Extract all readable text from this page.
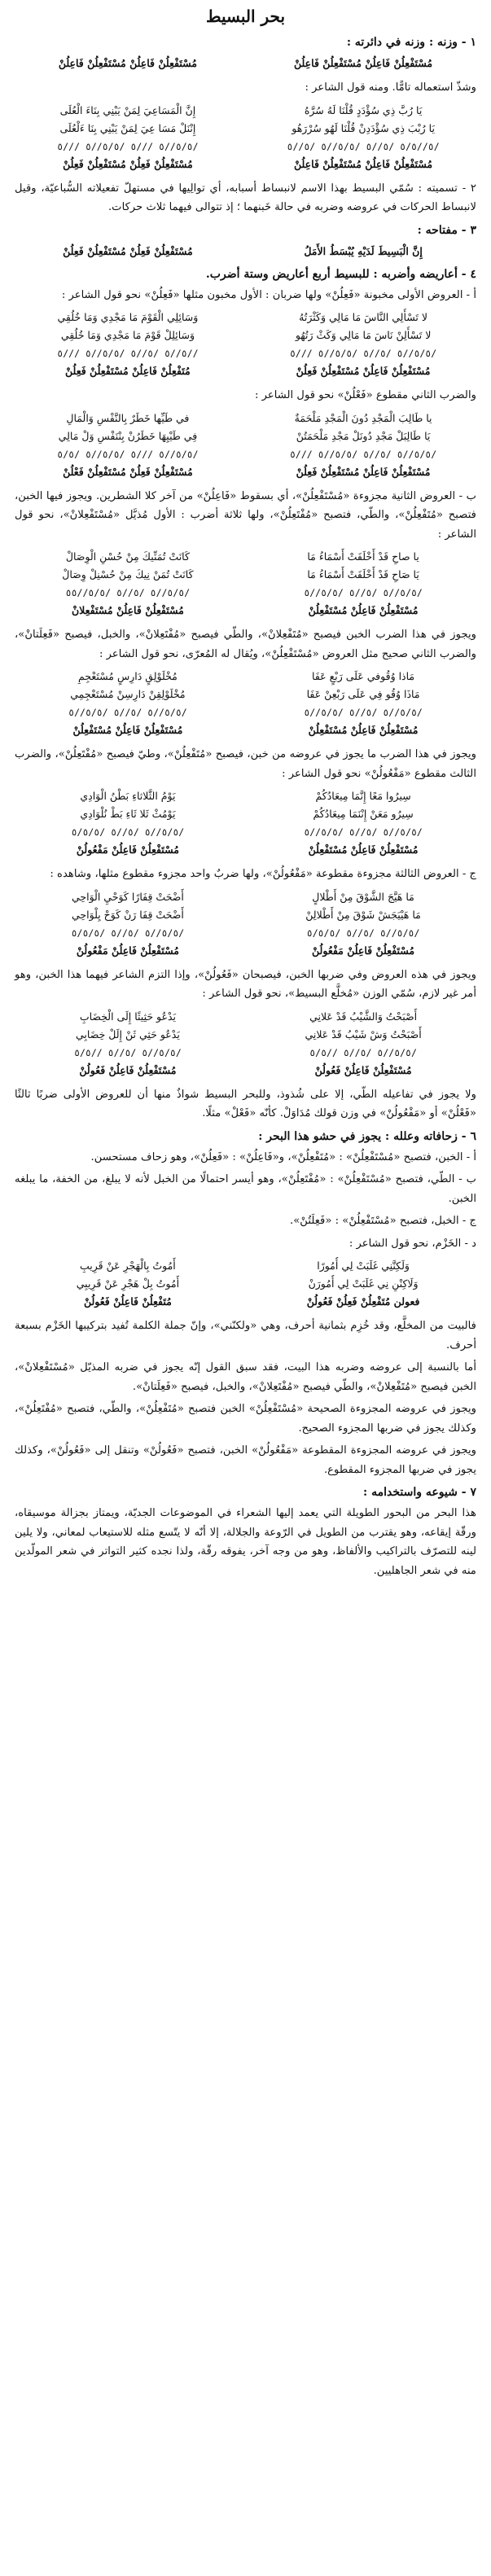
بحر البسيط
١ - وزنه : وزنه في دائرته :
مُسْتَفْعِلُنْ فَاعِلُنْ مُسْتَفْعِلُنْ فَاعِلُنْ
مُسْتَفْعِلُنْ فَاعِلُنْ مُسْتَفْعِلُنْ فَاعِلُنْ
وشذّ استعماله تامًّا. ومنه قول الشاعر :
يَا رُبَّ ذِي سُؤْدَدٍ قُلْنَا لَهُ سُرَّهُ
إِنَّ الْمَسَاعِيَ لِمَنْ يَبْنِي بِنَاءَ الْعُلَى
يَا رُبْبَ ذِي سُؤْدَدِنْ قُلْنَا لَهُو سُرْرَهُو
إِنْنَلْ مَسَا عِيَ لِمَنْ يَبْنِي بِنَا ءَلْعُلَى
/٥//٥/٥ /٥//٥ /٥/٥//٥ /٥//٥
/٥/٥//٥ ///٥ /٥/٥//٥ ///٥
مُسْتَفْعِلُنْ فَاعِلُنْ مُسْتَفْعِلُنْ فَاعِلُنْ
مُسْتَفْعِلُنْ فَعِلُنْ مُسْتَفْعِلُنْ فَعِلُنْ
٢ - تسميته : سُمّي البسيط بهذا الاسم لانبساط أسبابه، أي توالِيها في مستهلّ تفعيلاته السُّباعيّة، وقيل لانبساط الحركات في عروضه وضربه في حالة خَبنهما ؛ إذ تتوالى فيهما ثلاث حركات.
٣ - مفتاحه :
إِنَّ الْبَسِيطَ لَدَيْهِ يُبْسَطُ الأَمَلُ
مُسْتَفْعِلُنْ فَعِلُنْ مُسْتَفْعِلُنْ فَعِلُنْ
٤ - أعاريضه وأضربه : للبسيط أربع أعاريض وستة أضرب.
أ - العروض الأولى مخبونة «فَعِلُنْ» ولها ضربان : الأول مخبون مثلها «فَعِلُنْ» نحو قول الشاعر :
لا تَسْأَلِي النَّاسَ مَا مَالِي وَكَثْرَتُهُ
وَسَائِلِي الْقَوْمَ مَا مَجْدِي وَمَا خُلُقِي
لا تَسْأَلِنْ نَاسَ مَا مَالِي وَكَثْ رَتُهُو
وَسَائِلِلْ قَوْمَ مَا مَجْدِي وَمَا خُلُقِي
/٥/٥//٥ /٥//٥ /٥/٥//٥ ///٥
//٥//٥ /٥//٥ /٥/٥//٥ ///٥
مُسْتَفْعِلُنْ فَاعِلُنْ مُسْتَفْعِلُنْ فَعِلُنْ
مُتَفْعِلُنْ فَاعِلُنْ مُسْتَفْعِلُنْ فَعِلُنْ
والضرب الثاني مقطوع «فَعْلُنْ» نحو قول الشاعر :
يا طَالِبَ الْمَجْدِ دُونَ الْمَجْدِ مَلْحَمَةٌ
في طَيِّها خَطَرٌ بِالنَّفْسِ وَالْمَالِ
يَا طَالِبَلْ مَجْدِ دُونَلْ مَجْدِ مَلْحَمَتُنْ
فِي طَيْيِهَا خَطَرُنْ بِنْنَفْسِ وَلْ مَالِي
/٥/٥//٥ /٥//٥ /٥/٥//٥ ///٥
/٥/٥//٥ ///٥ /٥/٥//٥ /٥/٥
مُسْتَفْعِلُنْ فَاعِلُنْ مُسْتَفْعِلُنْ فَعِلُنْ
مُسْتَفْعِلُنْ فَعِلُنْ مُسْتَفْعِلُنْ فَعْلُنْ
ب - العروض الثانية مجزوءة «مُسْتَفْعِلُنْ»، أي بسقوط «فَاعِلُنْ» من آخر كلا الشطرين. ويجوز فيها الخبن، فتصبح «مُتَفْعِلُنْ»، والطّي، فتصبح «مُفْتَعِلُنْ»، ولها ثلاثة أضرب : الأول مُذيَّل «مُسْتَفْعِلانْ»، نحو قول الشاعر :
يا صاحِ قَدْ أَخْلَفَتْ أَسْمَاءُ مَا
كَانَتْ تُمَنِّيكَ مِنْ حُسْنِ الْوِصَالْ
يَا صَاحِ قَدْ أَخْلَفَتْ أَسْمَاءُ مَا
كَانَتْ تُمَنْ نِيكَ مِنْ حُسْنِلْ وِصَالْ
/٥/٥//٥ /٥//٥ /٥/٥//٥
/٥/٥//٥ /٥//٥ /٥/٥//٥٥
مُسْتَفْعِلُنْ فَاعِلُنْ مُسْتَفْعِلُنْ
مُسْتَفْعِلُنْ فَاعِلُنْ مُسْتَفْعِلانْ
ويجوز في هذا الضرب الخبن فيصبح «مُتَفْعِلانْ»، والطّي فيصبح «مُفْتَعِلانْ»، والخبل، فيصبح «فَعِلَتانْ»، والضرب الثاني صحيح مثل العروض «مُسْتَفْعِلُنْ»، ويُقال له المُعرّى، نحو قول الشاعر :
مَاذا وُقُوفي عَلَى رَبْعٍ عَفَا
مُخْلَوْلِقٍ دَارِسٍ مُسْتَعْجِمِ
مَاذَا وُقُو فِي عَلَى رَبْعِنْ عَفَا
مُخْلَوْلِقِنْ دَارِسِنْ مُسْتَعْجِمِي
/٥/٥//٥ /٥//٥ /٥/٥//٥
/٥/٥//٥ /٥//٥ /٥/٥//٥
مُسْتَفْعِلُنْ فَاعِلُنْ مُسْتَفْعِلُنْ
مُسْتَفْعِلُنْ فَاعِلُنْ مُسْتَفْعِلُنْ
ويجوز في هذا الضرب ما يجوز في عروضه من خبن، فيصبح «مُتَفْعِلُنْ»، وطيّ فيصبح «مُفْتَعِلُنْ»، والضرب الثالث مقطوع «مَفْعُولُنْ» نحو قول الشاعر :
سِيرُوا مَعًا إِنَّمَا مِيعَادُكُمْ
يَوْمُ الثَّلاثاءِ بَطْنُ الْوَادِي
سِيرُو مَعَنْ إِنْنَمَا مِيعَادُكُمْ
يَوْمُثْ ثَلا ثَاءِ بَطْ نُلْوَادِي
/٥/٥//٥ /٥//٥ /٥/٥//٥
/٥/٥//٥ /٥//٥ /٥/٥/٥
مُسْتَفْعِلُنْ فَاعِلُنْ مُسْتَفْعِلُنْ
مُسْتَفْعِلُنْ فَاعِلُنْ مَفْعُولُنْ
ج - العروض الثالثة مجزوءة مقطوعة «مَفْعُولُنْ»، ولها ضربٌ واحد مجزوء مقطوع مثلها، وشاهده :
مَا هَيَّجَ الشَّوْقَ مِنْ أَطْلالٍ
أَضْحَتْ قِفَارًا كَوَحْيِ الْوَاحِي
مَا هَيْيَجَشْ شَوْقَ مِنْ أَطْلالِنْ
أَضْحَتْ قِفَا رَنْ كَوَحْ يِلْوَاحِي
/٥/٥//٥ /٥//٥ /٥/٥/٥
/٥/٥//٥ /٥//٥ /٥/٥/٥
مُسْتَفْعِلُنْ فَاعِلُنْ مَفْعُولُنْ
مُسْتَفْعِلُنْ فَاعِلُنْ مَفْعُولُنْ
ويجوز في هذه العروض وفي ضربها الخبن، فيصبحان «فَعُولُنْ»، وإذا التزم الشاعر فيهما هذا الخبن، وهو أمر غير لازم، سُمّي الوزن «مُخلَّع البسيط»، نحو قول الشاعر :
أَصْبَحْتُ وَالشَّيْبُ قَدْ عَلانِي
يَدْعُو حَثِيثًا إِلَى الْخِضَابِ
أَصْبَحْتُ وَشْ شَيْبُ قَدْ عَلانِي
يَدْعُو حَثِي ثَنْ إِلَلْ خِضَابِي
/٥/٥//٥ /٥//٥ //٥/٥
/٥/٥//٥ /٥//٥ //٥/٥
مُسْتَفْعِلُنْ فَاعِلُنْ فَعُولُنْ
مُسْتَفْعِلُنْ فَاعِلُنْ فَعُولُنْ
ولا يجوز في تفاعيله الطّي، إلا على شُذوذ، وللبحر البسيط شواذٌ منها أن للعروض الأولى ضربًا ثالثًا «فَعْلُنْ» أو «مَفْعُولُنْ» في وزن قولك مُدَاوَلْ. كأنّه «فَعْلْ» مثلًا.
٦ - زحافاته وعلله : يجوز في حشو هذا البحر :
أ - الخبن، فتصبح «مُسْتَفْعِلُنْ» : «مُتَفْعِلُنْ»، و«فَاعِلُنْ» : «فَعِلُنْ»، وهو زحاف مستحسن.
ب - الطّي، فتصبح «مُسْتَفْعِلُنْ» : «مُفْتَعِلُنْ»، وهو أيسر احتمالًا من الخبل لأنه لا يبلغ، من الخفة، ما يبلغه الخبن.
ج - الخبل، فتصبح «مُسْتَفْعِلُنْ» : «فَعِلَتُنْ».
د - الخَزْم، نحو قول الشاعر :
وَلَكِنَّنِي غَلَبَتْ لِي أُمُورًا
أَمُوتُ بِالْهَجْرِ عَنْ قَرِيبِ
وَلَاكِنْنِ نِي غَلَبَتْ لِي أُمُورَنْ
أَمُوتُ بِلْ هَجْرِ عَنْ قَرِيبِي
فعولن مُتَفْعِلُنْ فَعِلُنْ فَعُولُنْ
مُتَفْعِلُنْ فَاعِلُنْ فَعُولُنْ
فالبيت من المخلَّع، وقد خُزِم بثمانية أحرف، وهي «ولكنّني»، وإنّ جملة الكلمة تُفيد بتركيبها الخَزْم بسبعة أحرف.
أما بالنسبة إلى عروضه وضربه هذا البيت، فقد سبق القول إنّه يجوز في ضربه المذيّل «مُسْتَفْعِلانْ»، الخبن فيصبح «مُتَفْعِلانْ»، والطّي فيصبح «مُفْتَعِلانْ»، والخبل، فيصبح «فَعِلَتانْ».
ويجوز في عروضه المجزوءة الصحيحة «مُسْتَفْعِلُنْ» الخبن فتصبح «مُتَفْعِلُنْ»، والطّي، فتصبح «مُفْتَعِلُنْ»، وكذلك يجوز في ضربها المجزوء الصحيح.
ويجوز في عروضه المجزوءة المقطوعة «مَفْعُولُنْ» الخبن، فتصبح «فَعُولُنْ» وتنقل إلى «فَعُولُنْ»، وكذلك يجوز في ضربها المجزوء المقطوع.
٧ - شيوعه واستخدامه :
هذا البحر من البحور الطويلة التي يعمد إليها الشعراء في الموضوعات الجديّة، ويمتاز بجزالة موسيقاه، ورقّة إيقاعه، وهو يقترب من الطويل في الرّوعة والجلالة، إلا أنّه لا يتّسع مثله للاستيعاب لمعاني، ولا يلين لينه للتصرّف بالتراكيب والألفاظ، وهو من وجه آخر، يفوقه رقّة، ولذا نجده كثير التواتر في شعر المولّدين منه في شعر الجاهليين.
